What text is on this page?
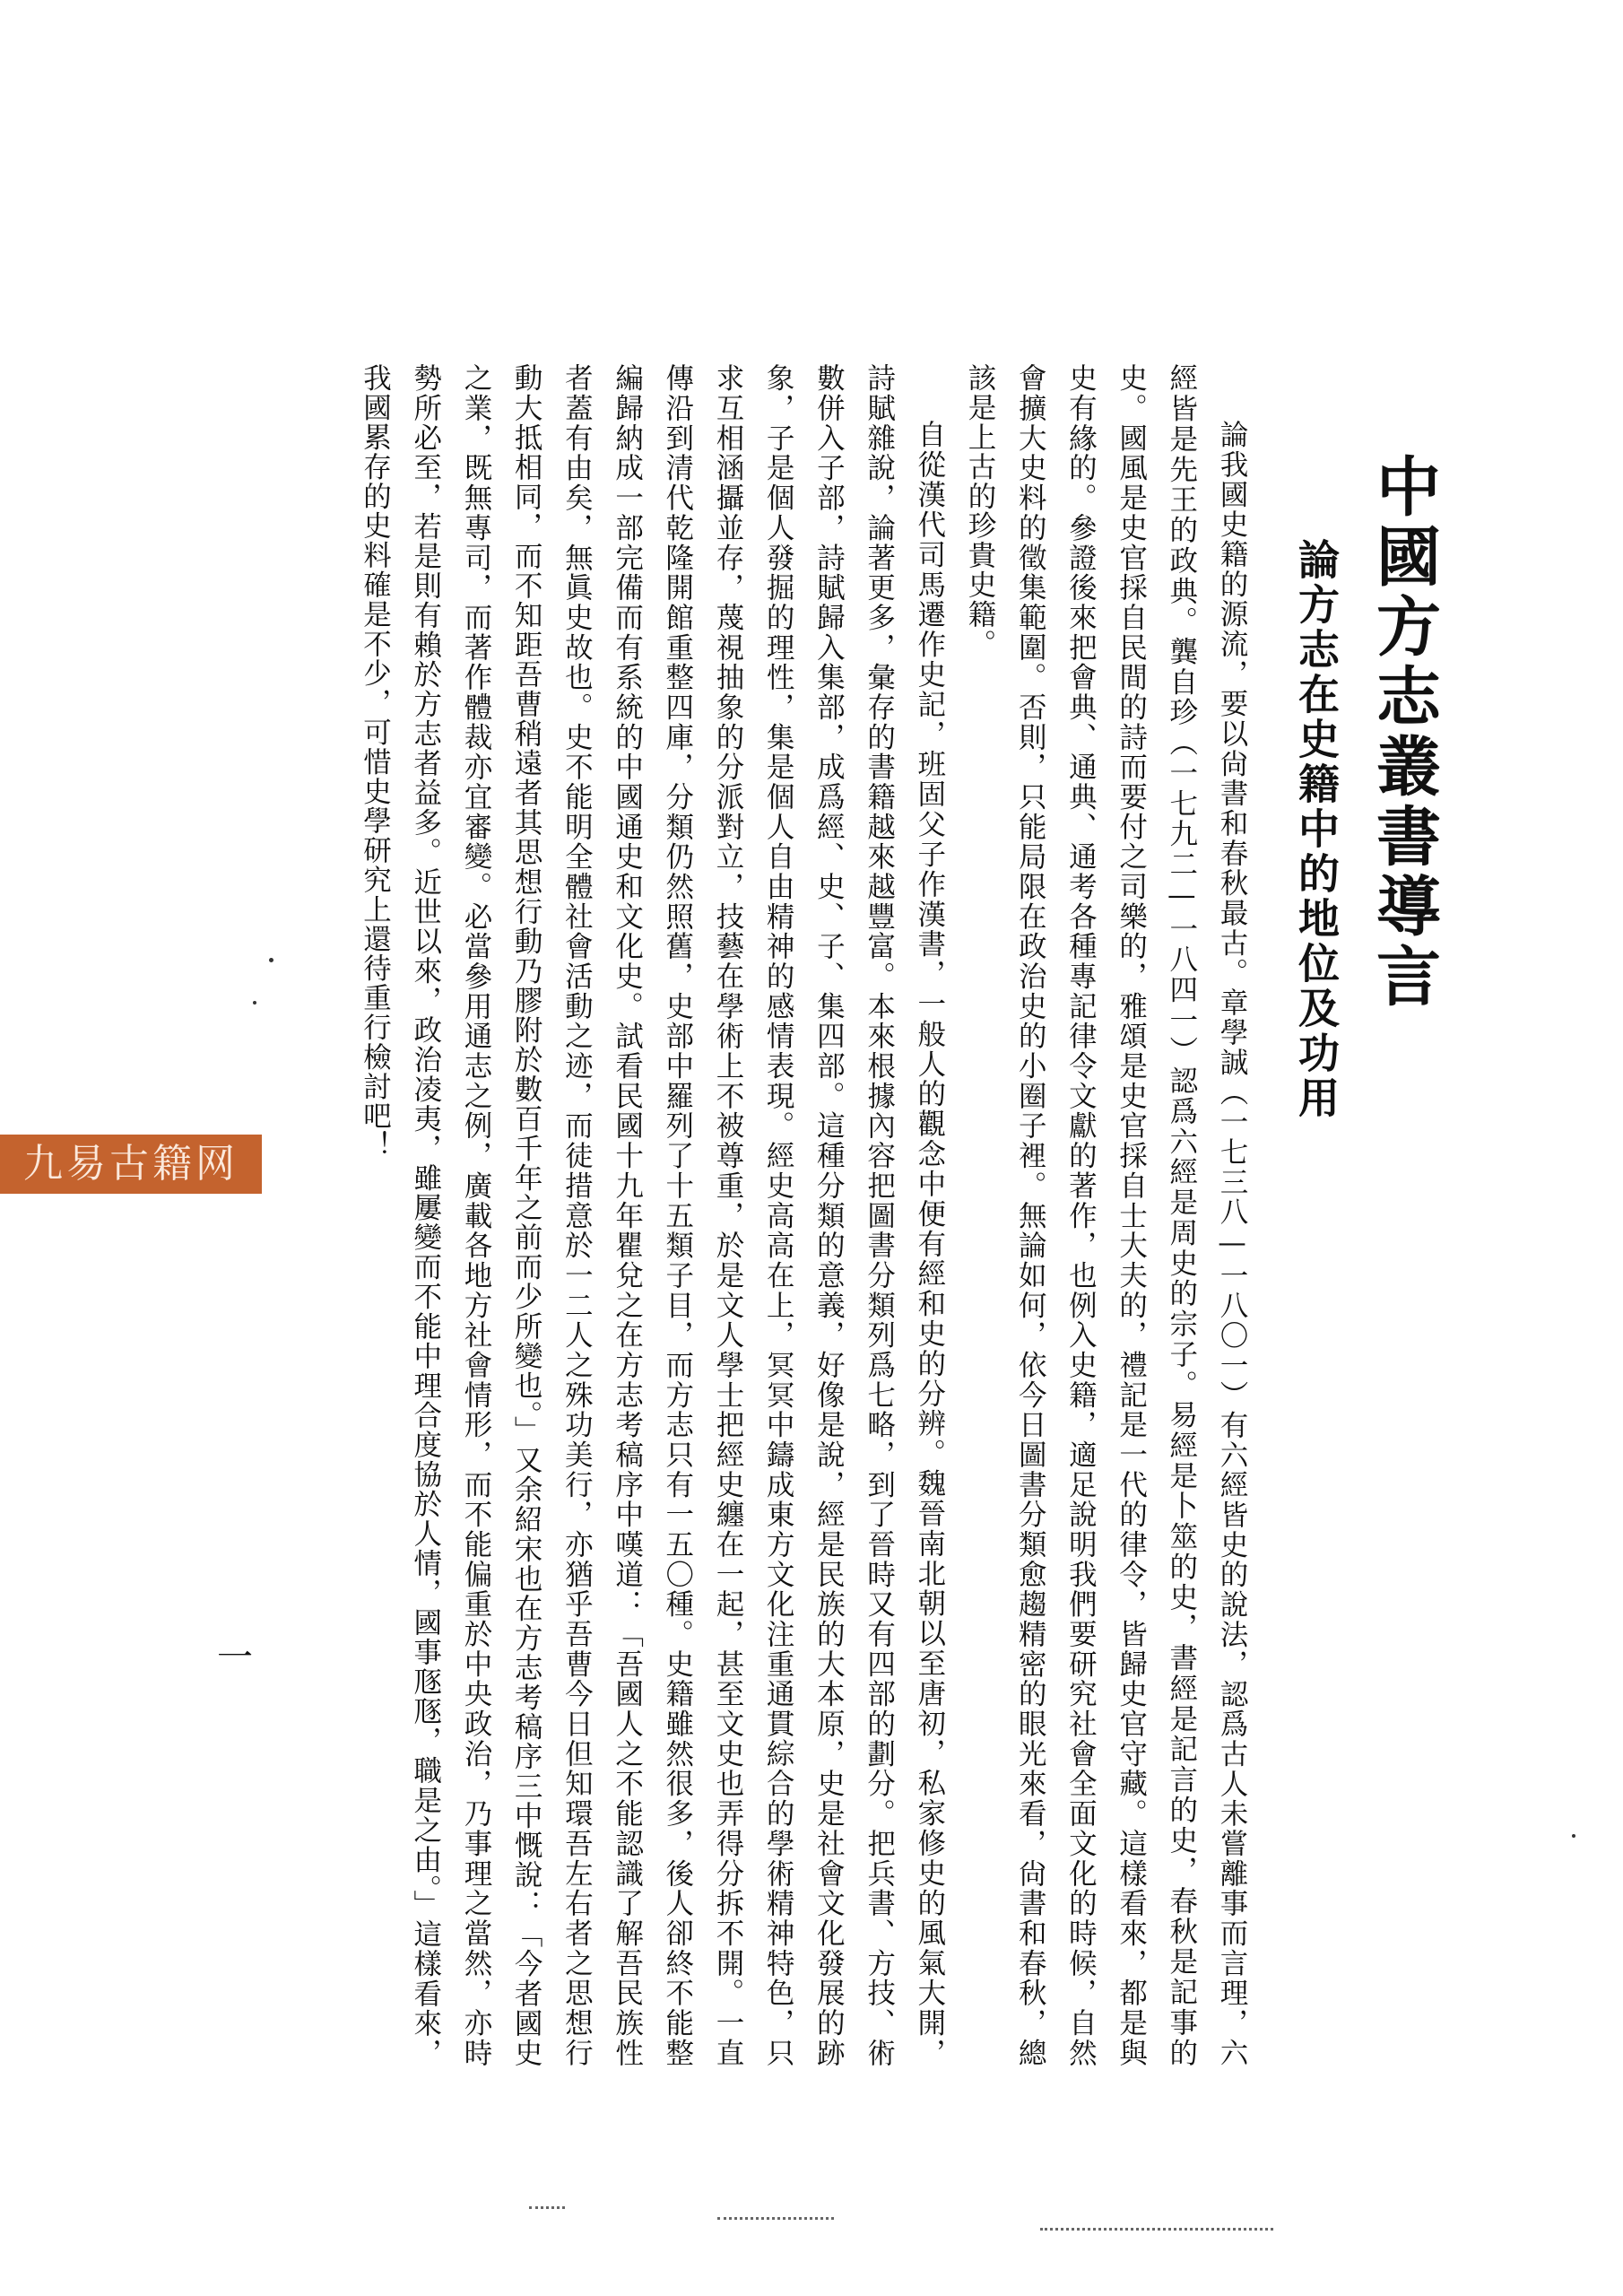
中國方志叢書導言
論方志在史籍中的地位及功用

論我國史籍的源流，要以尙書和春秋最古。章學誠（一七三八—一八〇一）有六經皆史的說法，認爲古人未嘗離事而言理，六經皆是先王的政典。龔自珍（一七九二—一八四一）認爲六經是周史的宗子。易經是卜筮的史，書經是記言的史，春秋是記事的史。國風是史官採自民間的詩而要付之司樂的，雅頌是史官採自士大夫的，禮記是一代的律令，皆歸史官守藏。這樣看來，都是與史有緣的。參證後來把會典、通典、通考各種專記律令文獻的著作，也例入史籍，適足說明我們要研究社會全面文化的時候，自然會擴大史料的徵集範圍。否則，只能局限在政治史的小圈子裡。無論如何，依今日圖書分類愈趨精密的眼光來看，尙書和春秋，總該是上古的珍貴史籍。

自從漢代司馬遷作史記，班固父子作漢書，一般人的觀念中便有經和史的分辨。魏晉南北朝以至唐初，私家修史的風氣大開，詩賦雜說，論著更多，彙存的書籍越來越豐富。本來根據內容把圖書分類列爲七略，到了晉時又有四部的劃分。把兵書、方技、術數併入子部，詩賦歸入集部，成爲經、史、子、集四部。這種分類的意義，好像是說，經是民族的大本原，史是社會文化發展的跡象，子是個人發掘的理性，集是個人自由精神的感情表現。經史高高在上，冥冥中鑄成東方文化注重通貫綜合的學術精神特色，只求互相涵攝並存，蔑視抽象的分派對立，技藝在學術上不被尊重，於是文人學士把經史纏在一起，甚至文史也弄得分拆不開。一直傳沿到清代乾隆開館重整四庫，分類仍然照舊，史部中羅列了十五類子目，而方志只有一五〇種。史籍雖然很多，後人卻終不能整編歸納成一部完備而有系統的中國通史和文化史。試看民國十九年瞿兌之在方志考稿序中嘆道：「吾國人之不能認識了解吾民族性者蓋有由矣，無眞史故也。史不能明全體社會活動之迹，而徒措意於一二人之殊功美行，亦猶乎吾曹今日但知環吾左右者之思想行動大抵相同，而不知距吾曹稍遠者其思想行動乃膠附於數百千年之前而少所變也。」又余紹宋也在方志考稿序三中慨說：「今者國史之業，既無專司，而著作體裁亦宜審變。必當參用通志之例，廣載各地方社會情形，而不能偏重於中央政治，乃事理之當然，亦時勢所必至，若是則有賴於方志者益多。近世以來，政治凌夷，雖屢變而不能中理合度協於人情，國事豗豗，職是之由。」這樣看來，我國累存的史料確是不少，可惜史學研究上還待重行檢討吧！

九易古籍网
一
